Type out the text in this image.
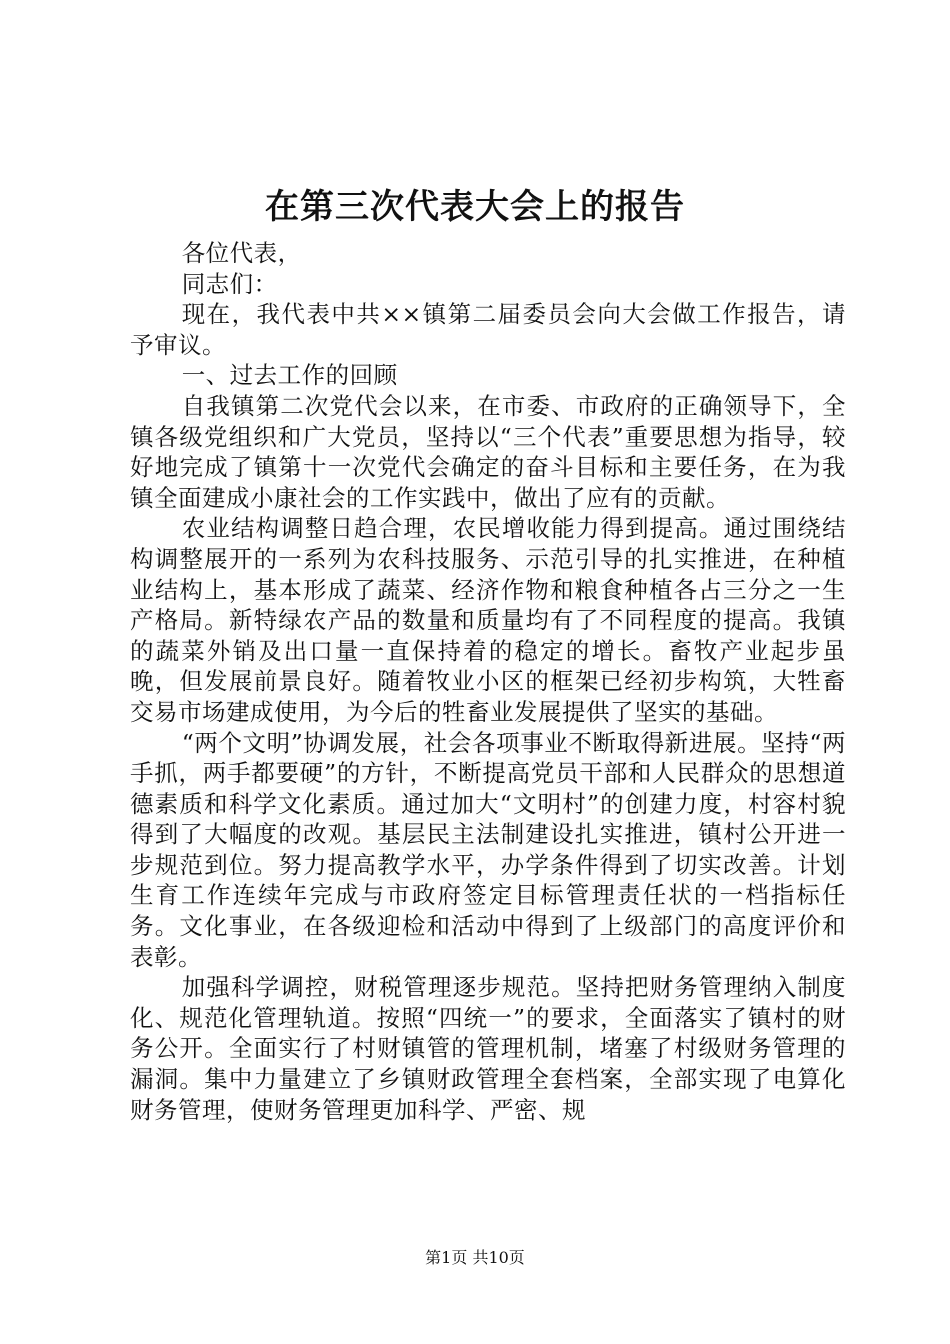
在第三次代表大会上的报告

各位代表，

同志们：

现在，我代表中共××镇第二届委员会向大会做工作报告，请予审议。

一、过去工作的回顾

自我镇第二次党代会以来，在市委、市政府的正确领导下，全镇各级党组织和广大党员，坚持以“三个代表”重要思想为指导，较好地完成了镇第十一次党代会确定的奋斗目标和主要任务，在为我镇全面建成小康社会的工作实践中，做出了应有的贡献。

农业结构调整日趋合理，农民增收能力得到提高。通过围绕结构调整展开的一系列为农科技服务、示范引导的扎实推进，在种植业结构上，基本形成了蔬菜、经济作物和粮食种植各占三分之一生产格局。新特绿农产品的数量和质量均有了不同程度的提高。我镇的蔬菜外销及出口量一直保持着的稳定的增长。畜牧产业起步虽晚，但发展前景良好。随着牧业小区的框架已经初步构筑，大牲畜交易市场建成使用，为今后的牲畜业发展提供了坚实的基础。

“两个文明”协调发展，社会各项事业不断取得新进展。坚持“两手抓，两手都要硬”的方针，不断提高党员干部和人民群众的思想道德素质和科学文化素质。通过加大“文明村”的创建力度，村容村貌得到了大幅度的改观。基层民主法制建设扎实推进，镇村公开进一步规范到位。努力提高教学水平，办学条件得到了切实改善。计划生育工作连续年完成与市政府签定目标管理责任状的一档指标任务。文化事业，在各级迎检和活动中得到了上级部门的高度评价和表彰。

加强科学调控，财税管理逐步规范。坚持把财务管理纳入制度化、规范化管理轨道。按照“四统一”的要求，全面落实了镇村的财务公开。全面实行了村财镇管的管理机制，堵塞了村级财务管理的漏洞。集中力量建立了乡镇财政管理全套档案，全部实现了电算化财务管理，使财务管理更加科学、严密、规

第1页 共10页
